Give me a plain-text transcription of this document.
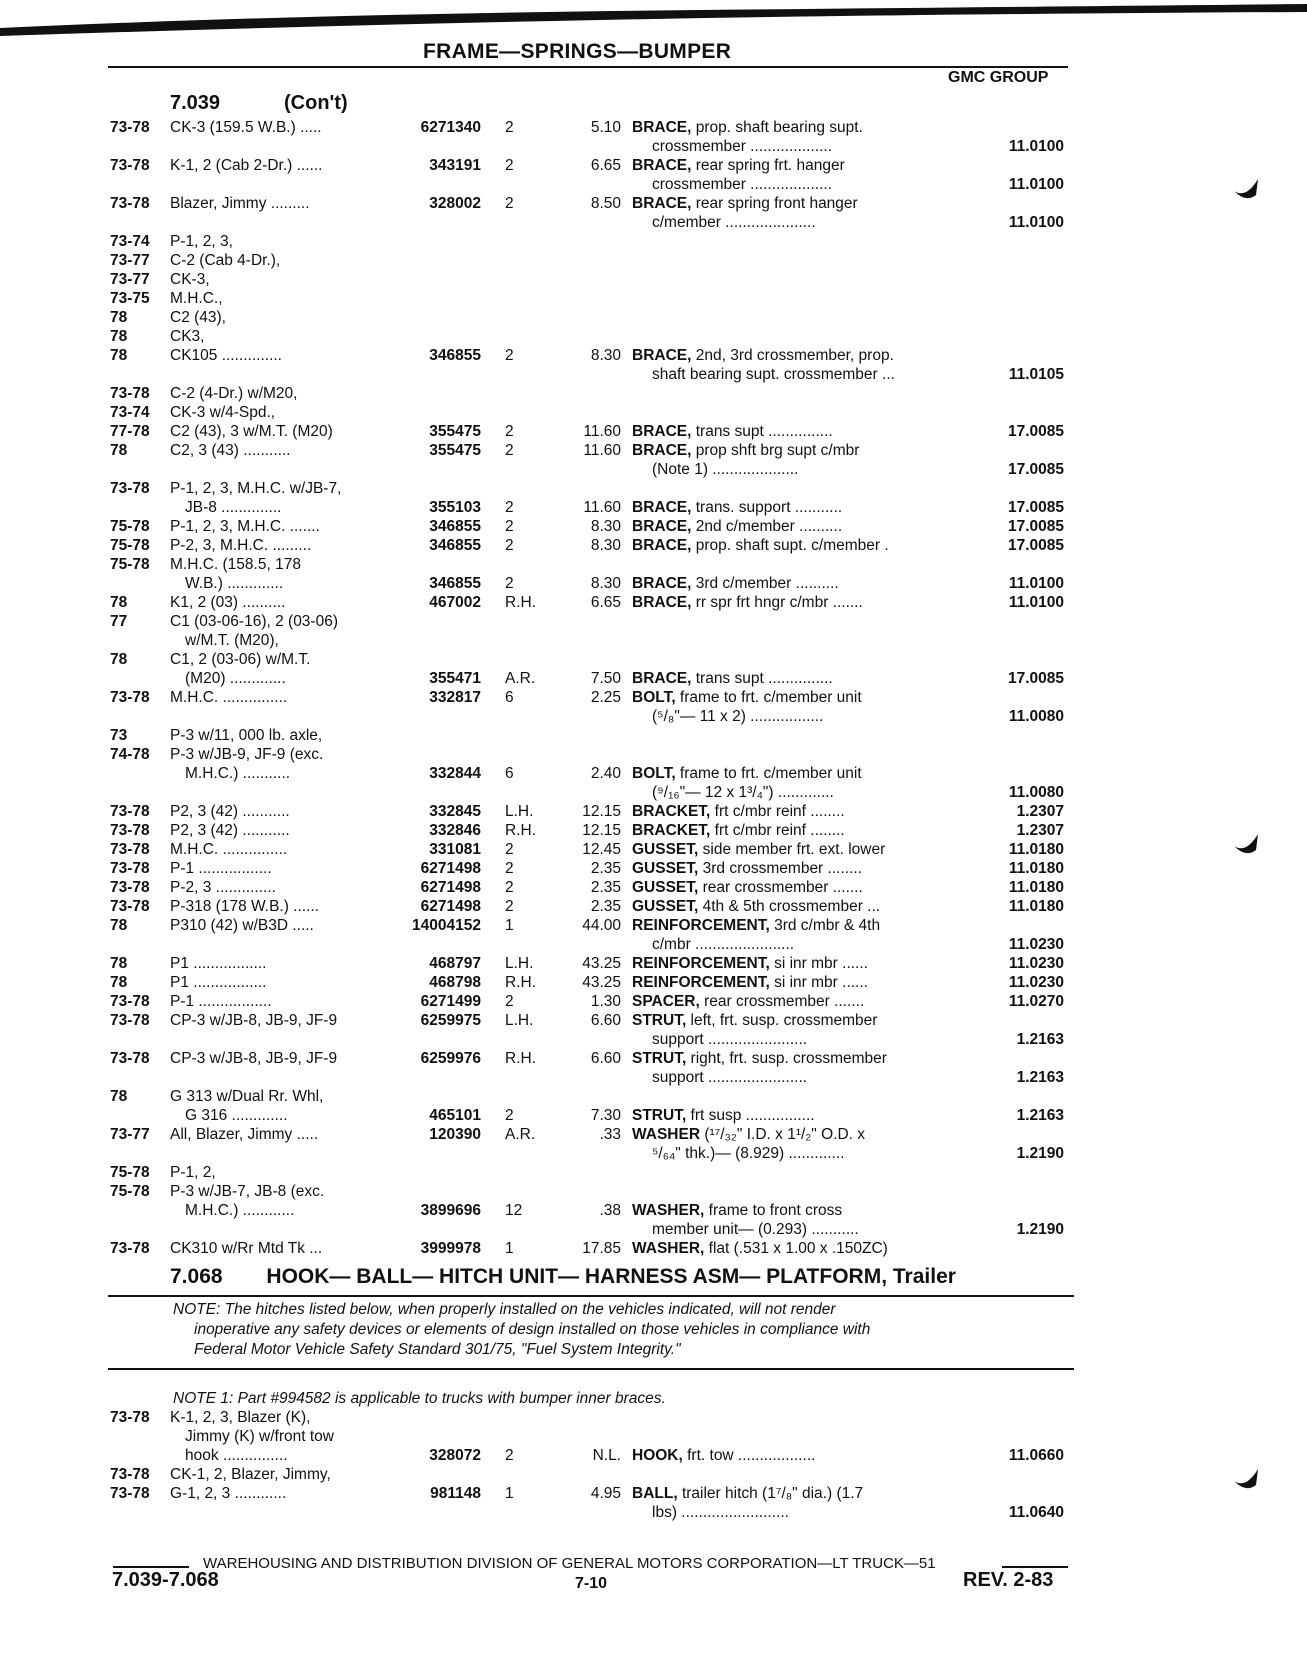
FRAME—SPRINGS—BUMPER
GMC GROUP
7.039	(Con't)
73-78 CK-3 (159.5 W.B.) .....	6271340 2	5.10 BRACE, prop. shaft bearing supt.
crossmember ...................	11.0100
73-78 K-1, 2 (Cab 2-Dr.) ......	343191 2	6.65 BRACE, rear spring frt. hanger
crossmember ...................	11.0100
73-78 Blazer, Jimmy .........	328002 2	8.50 BRACE, rear spring front hanger
c/member .....................	11.0100
73-74 P-1, 2, 3,
73-77 C-2 (Cab 4-Dr.),
73-77 CK-3,
73-75 M.H.C.,
78	C2 (43),
78	CK3,
78	CK105 ..............	346855 2	8.30 BRACE, 2nd, 3rd crossmember, prop.
shaft bearing supt. crossmember ...	11.0105
73-78 C-2 (4-Dr.) w/M20,
73-74 CK-3 w/4-Spd.,
77-78 C2 (43), 3 w/M.T. (M20)	355475 2	11.60 BRACE, trans supt ...............	17.0085
78	C2, 3 (43) ...........	355475 2	11.60 BRACE, prop shft brg supt c/mbr
(Note 1) ....................	17.0085
73-78 P-1, 2, 3, M.H.C. w/JB-7,
JB-8 ..............	355103 2	11.60 BRACE, trans. support ...........	17.0085
75-78 P-1, 2, 3, M.H.C. .......	346855 2	8.30 BRACE, 2nd c/member ..........	17.0085
75-78 P-2, 3, M.H.C. .........	346855 2	8.30 BRACE, prop. shaft supt. c/member .	17.0085
75-78 M.H.C. (158.5, 178
W.B.) .............	346855 2	8.30 BRACE, 3rd c/member ..........	11.0100
78	K1, 2 (03) ..........	467002 R.H.	6.65 BRACE, rr spr frt hngr c/mbr .......	11.0100
77	C1 (03-06-16), 2 (03-06)
w/M.T. (M20),
78	C1, 2 (03-06) w/M.T.
(M20) .............	355471 A.R.	7.50 BRACE, trans supt ...............	17.0085
73-78 M.H.C. ...............	332817 6	2.25 BOLT, frame to frt. c/member unit
(⁵/₈"— 11 x 2) .................	11.0080
73	P-3 w/11, 000 lb. axle,
74-78 P-3 w/JB-9, JF-9 (exc.
M.H.C.) ...........	332844 6	2.40 BOLT, frame to frt. c/member unit
(⁹/₁₆"— 12 x 1³/₄") .............	11.0080
73-78 P2, 3 (42) ...........	332845 L.H.	12.15 BRACKET, frt c/mbr reinf ........	1.2307
73-78 P2, 3 (42) ...........	332846 R.H.	12.15 BRACKET, frt c/mbr reinf ........	1.2307
73-78 M.H.C. ...............	331081 2	12.45 GUSSET, side member frt. ext. lower	11.0180
73-78 P-1 .................	6271498 2	2.35 GUSSET, 3rd crossmember ........	11.0180
73-78 P-2, 3 ..............	6271498 2	2.35 GUSSET, rear crossmember .......	11.0180
73-78 P-318 (178 W.B.) ......	6271498 2	2.35 GUSSET, 4th & 5th crossmember ...	11.0180
78	P310 (42) w/B3D .....	14004152 1	44.00 REINFORCEMENT, 3rd c/mbr & 4th
c/mbr .......................	11.0230
78	P1 .................	468797 L.H.	43.25 REINFORCEMENT, si inr mbr ......	11.0230
78	P1 .................	468798 R.H.	43.25 REINFORCEMENT, si inr mbr ......	11.0230
73-78 P-1 .................	6271499 2	1.30 SPACER, rear crossmember .......	11.0270
73-78 CP-3 w/JB-8, JB-9, JF-9	6259975 L.H.	6.60 STRUT, left, frt. susp. crossmember
support .......................	1.2163
73-78 CP-3 w/JB-8, JB-9, JF-9	6259976 R.H.	6.60 STRUT, right, frt. susp. crossmember
support .......................	1.2163
78	G 313 w/Dual Rr. Whl,
G 316 .............	465101 2	7.30 STRUT, frt susp ................	1.2163
73-77 All, Blazer, Jimmy .....	120390 A.R.	.33 WASHER (¹⁷/₃₂" I.D. x 1¹/₂" O.D. x
⁵/₆₄" thk.)— (8.929) .............	1.2190
75-78 P-1, 2,
75-78 P-3 w/JB-7, JB-8 (exc.
M.H.C.) ............	3899696 12	.38 WASHER, frame to front cross
member unit— (0.293) ...........	1.2190
73-78 CK310 w/Rr Mtd Tk ...	3999978 1	17.85 WASHER, flat (.531 x 1.00 x .150ZC)
7.068 HOOK— BALL— HITCH UNIT— HARNESS ASM— PLATFORM, Trailer
NOTE: The hitches listed below, when properly installed on the vehicles indicated, will not render
inoperative any safety devices or elements of design installed on those vehicles in compliance with
Federal Motor Vehicle Safety Standard 301/75, "Fuel System Integrity."
NOTE 1: Part #994582 is applicable to trucks with bumper inner braces.
73-78 K-1, 2, 3, Blazer (K),
Jimmy (K) w/front tow
hook ...............	328072 2	N.L. HOOK, frt. tow ..................	11.0660
73-78 CK-1, 2, Blazer, Jimmy,
73-78 G-1, 2, 3 ............	981148 1	4.95 BALL, trailer hitch (1⁷/₈" dia.) (1.7
lbs) .........................	11.0640
WAREHOUSING AND DISTRIBUTION DIVISION OF GENERAL MOTORS CORPORATION—LT TRUCK—51
7.039-7.068	7-10	REV. 2-83
